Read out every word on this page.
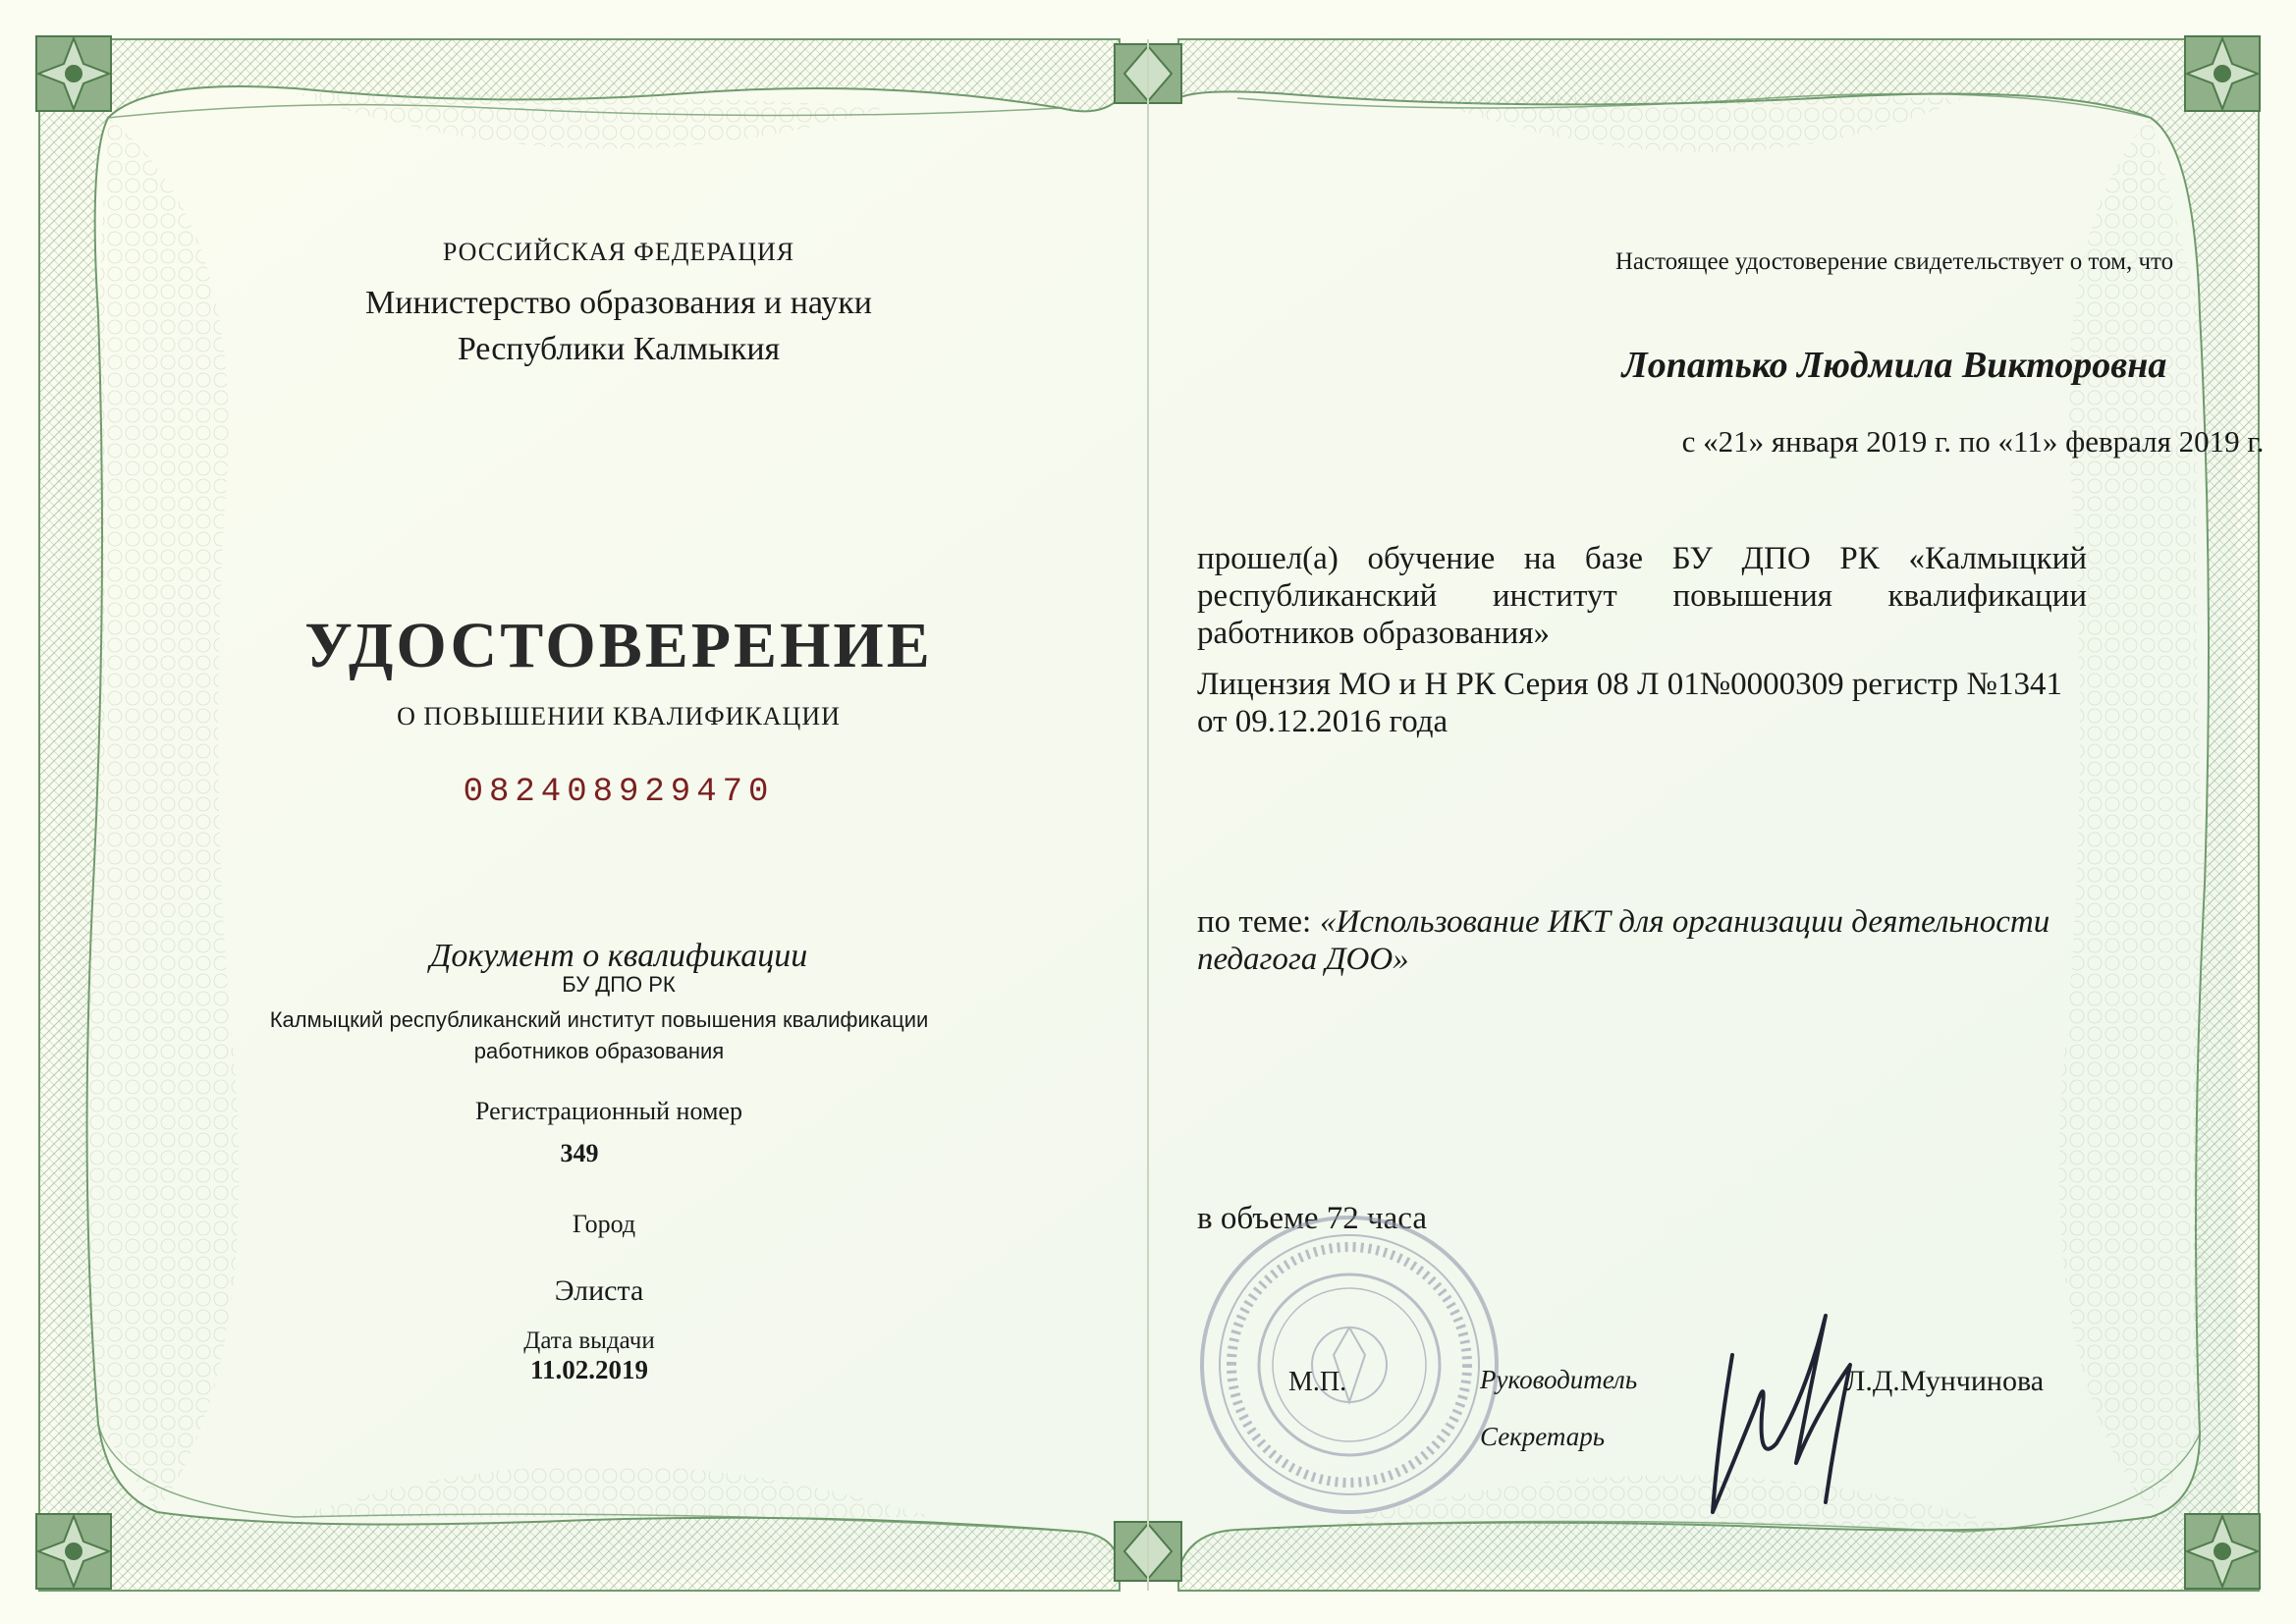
РОССИЙСКАЯ ФЕДЕРАЦИЯ
Министерство образования и науки
Республики Калмыкия
УДОСТОВЕРЕНИЕ
О ПОВЫШЕНИИ КВАЛИФИКАЦИИ
082408929470
Документ о квалификации
БУ ДПО РК
Калмыцкий республиканский институт повышения квалификации
работников образования
Регистрационный номер
349
Город
Элиста
Дата выдачи
11.02.2019
Настоящее удостоверение свидетельствует о том, что
Лопатько Людмила Викторовна
с «21» января 2019 г. по «11» февраля 2019 г.
прошел(а) обучение на базе БУ ДПО РК «Калмыцкий
республиканский институт повышения квалификации
работников образования»
Лицензия МО и Н РК Серия 08 Л 01№0000309 регистр №1341
от 09.12.2016 года
по теме: «Использование ИКТ для организации деятельности
педагога ДОО»
в объеме 72 часа
М.П.	Руководитель
Секретарь
Л.Д.Мунчинова
